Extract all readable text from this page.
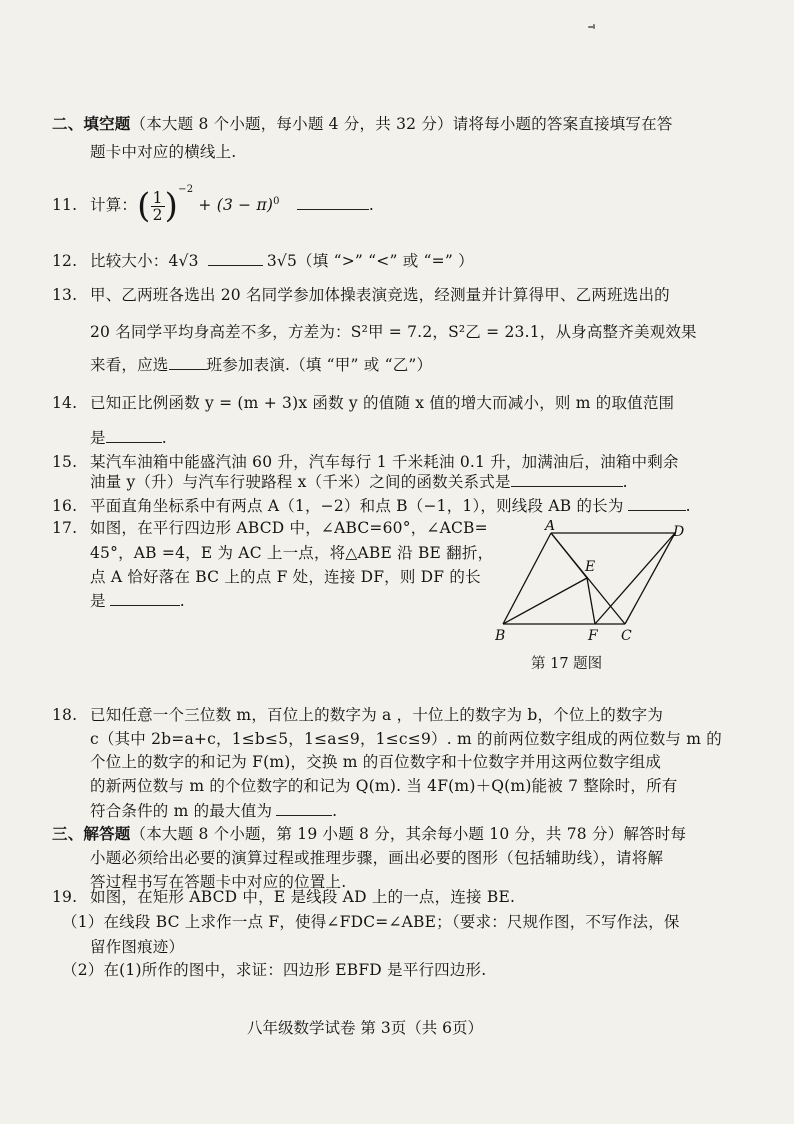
二、填空题（本大题 8 个小题，每小题 4 分，共 32 分）请将每小题的答案直接填写在答
题卡中对应的横线上.
11. 计算：( $\frac{1}{2} )^{-2} + (3 - \pi)^0$	.
12. 比较大小：4√3	3√5（填 “>” “<” 或 “=” ）
13. 甲、乙两班各选出 20 名同学参加体操表演竞选，经测量并计算得甲、乙两班选出的
20 名同学平均身高差不多，方差为：S²甲 = 7.2，S²乙 = 23.1，从身高整齐美观效果
来看，应选 班参加表演.（填 “甲” 或 “乙”）
14. 已知正比例函数 y = (m + 3)x 函数 y 的值随 x 值的增大而减小，则 m 的取值范围
是	.
15. 某汽车油箱中能盛汽油 60 升，汽车每行 1 千米耗油 0.1 升，加满油后，油箱中剩余
油量 y（升）与汽车行驶路程 x（千米）之间的函数关系式是	.
16. 平面直角坐标系中有两点 A（1，−2）和点 B（−1，1），则线段 AB 的长为	.
17. 如图，在平行四边形 ABCD 中，∠ABC=60°，∠ACB=
45°，AB =4，E 为 AC 上一点，将△ABE 沿 BE 翻折，
点 A 恰好落在 BC 上的点 F 处，连接 DF，则 DF 的长
是	.
A	D
E
B	F C
第 17 题图
18. 已知任意一个三位数 m，百位上的数字为 a ，十位上的数字为 b，个位上的数字为
c（其中 2b=a+c，1≤b≤5，1≤a≤9，1≤c≤9）. m 的前两位数字组成的两位数与 m 的
个位上的数字的和记为 F(m)，交换 m 的百位数字和十位数字并用这两位数字组成
的新两位数与 m 的个位数字的和记为 Q(m). 当 4F(m)＋Q(m)能被 7 整除时，所有
符合条件的 m 的最大值为	.
三、解答题（本大题 8 个小题，第 19 小题 8 分，其余每小题 10 分，共 78 分）解答时每
小题必须给出必要的演算过程或推理步骤，画出必要的图形（包括辅助线），请将解
答过程书写在答题卡中对应的位置上.
19. 如图，在矩形 ABCD 中，E 是线段 AD 上的一点，连接 BE.
（1）在线段 BC 上求作一点 F，使得∠FDC=∠ABE；（要求：尺规作图，不写作法，保
留作图痕迹）
（2）在(1)所作的图中，求证：四边形 EBFD 是平行四边形.
八年级数学试卷 第 3页（共 6页）
